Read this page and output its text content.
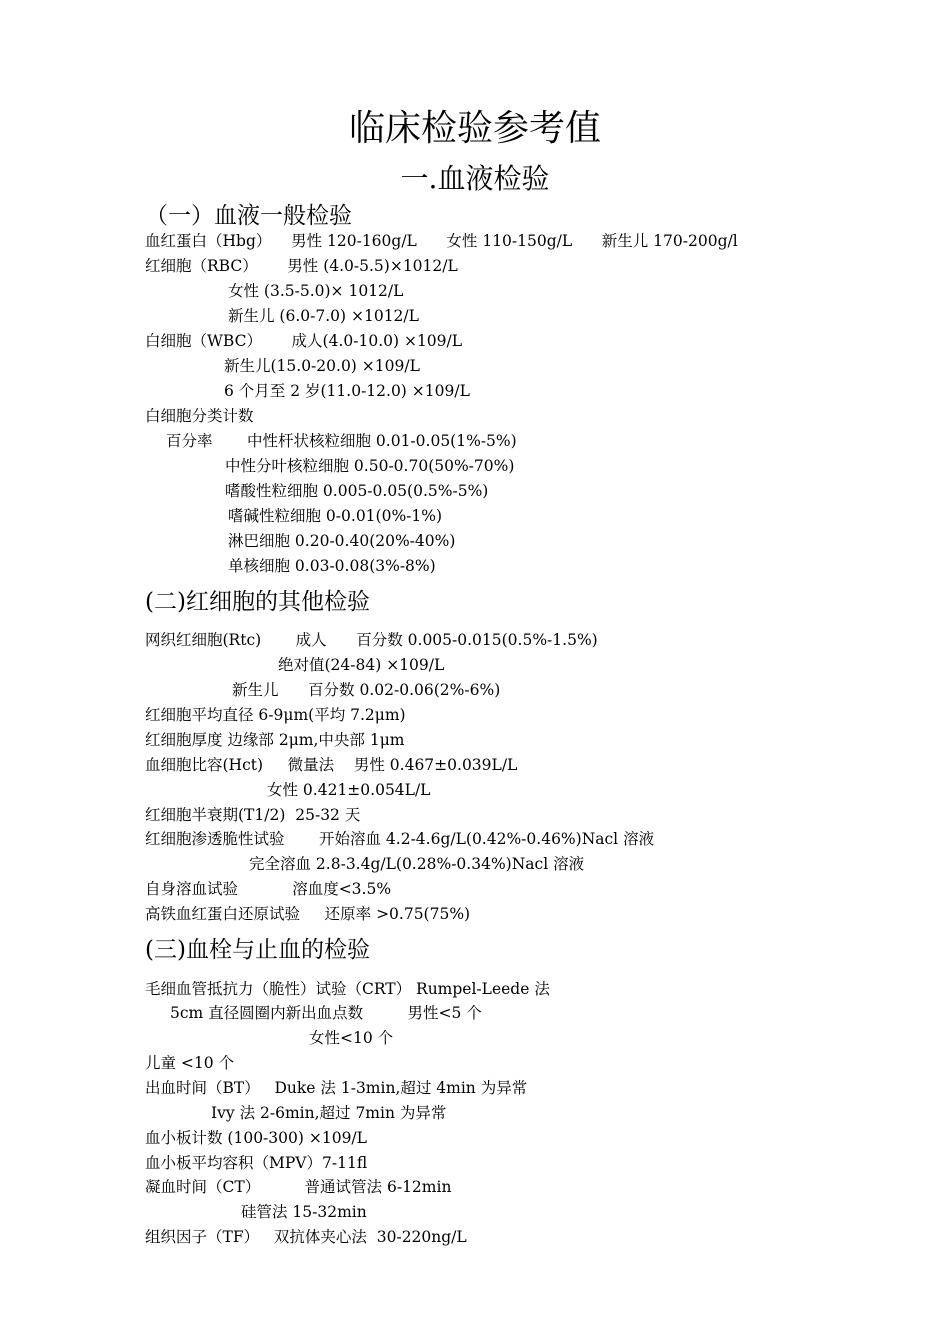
临床检验参考值
一.血液检验
（一）血液一般检验
血红蛋白（Hbg）    男性 120-160g/L      女性 110-150g/L      新生儿 170-200g/l
红细胞（RBC）      男性 (4.0-5.5)×1012/L
女性 (3.5-5.0)× 1012/L
新生儿 (6.0-7.0) ×1012/L
白细胞（WBC）      成人(4.0-10.0) ×109/L
新生儿(15.0-20.0) ×109/L
6 个月至 2 岁(11.0-12.0) ×109/L
白细胞分类计数
百分率       中性杆状核粒细胞 0.01-0.05(1%-5%)
中性分叶核粒细胞 0.50-0.70(50%-70%)
嗜酸性粒细胞 0.005-0.05(0.5%-5%)
嗜碱性粒细胞 0-0.01(0%-1%)
淋巴细胞 0.20-0.40(20%-40%)
单核细胞 0.03-0.08(3%-8%)
(二)红细胞的其他检验
网织红细胞(Rtc)       成人      百分数 0.005-0.015(0.5%-1.5%)
绝对值(24-84) ×109/L
新生儿      百分数 0.02-0.06(2%-6%)
红细胞平均直径 6-9μm(平均 7.2μm)
红细胞厚度 边缘部 2μm,中央部 1μm
血细胞比容(Hct)     微量法    男性 0.467±0.039L/L
女性 0.421±0.054L/L
红细胞半衰期(T1/2)  25-32 天
红细胞渗透脆性试验       开始溶血 4.2-4.6g/L(0.42%-0.46%)Nacl 溶液
完全溶血 2.8-3.4g/L(0.28%-0.34%)Nacl 溶液
自身溶血试验           溶血度<3.5%
高铁血红蛋白还原试验     还原率 >0.75(75%)
(三)血栓与止血的检验
毛细血管抵抗力（脆性）试验（CRT） Rumpel-Leede 法
5cm 直径圆圈内新出血点数         男性<5 个
女性<10 个
儿童 <10 个
出血时间（BT）   Duke 法 1-3min,超过 4min 为异常
Ivy 法 2-6min,超过 7min 为异常
血小板计数 (100-300) ×109/L
血小板平均容积（MPV）7-11fl
凝血时间（CT）         普通试管法 6-12min
硅管法 15-32min
组织因子（TF）   双抗体夹心法  30-220ng/L
